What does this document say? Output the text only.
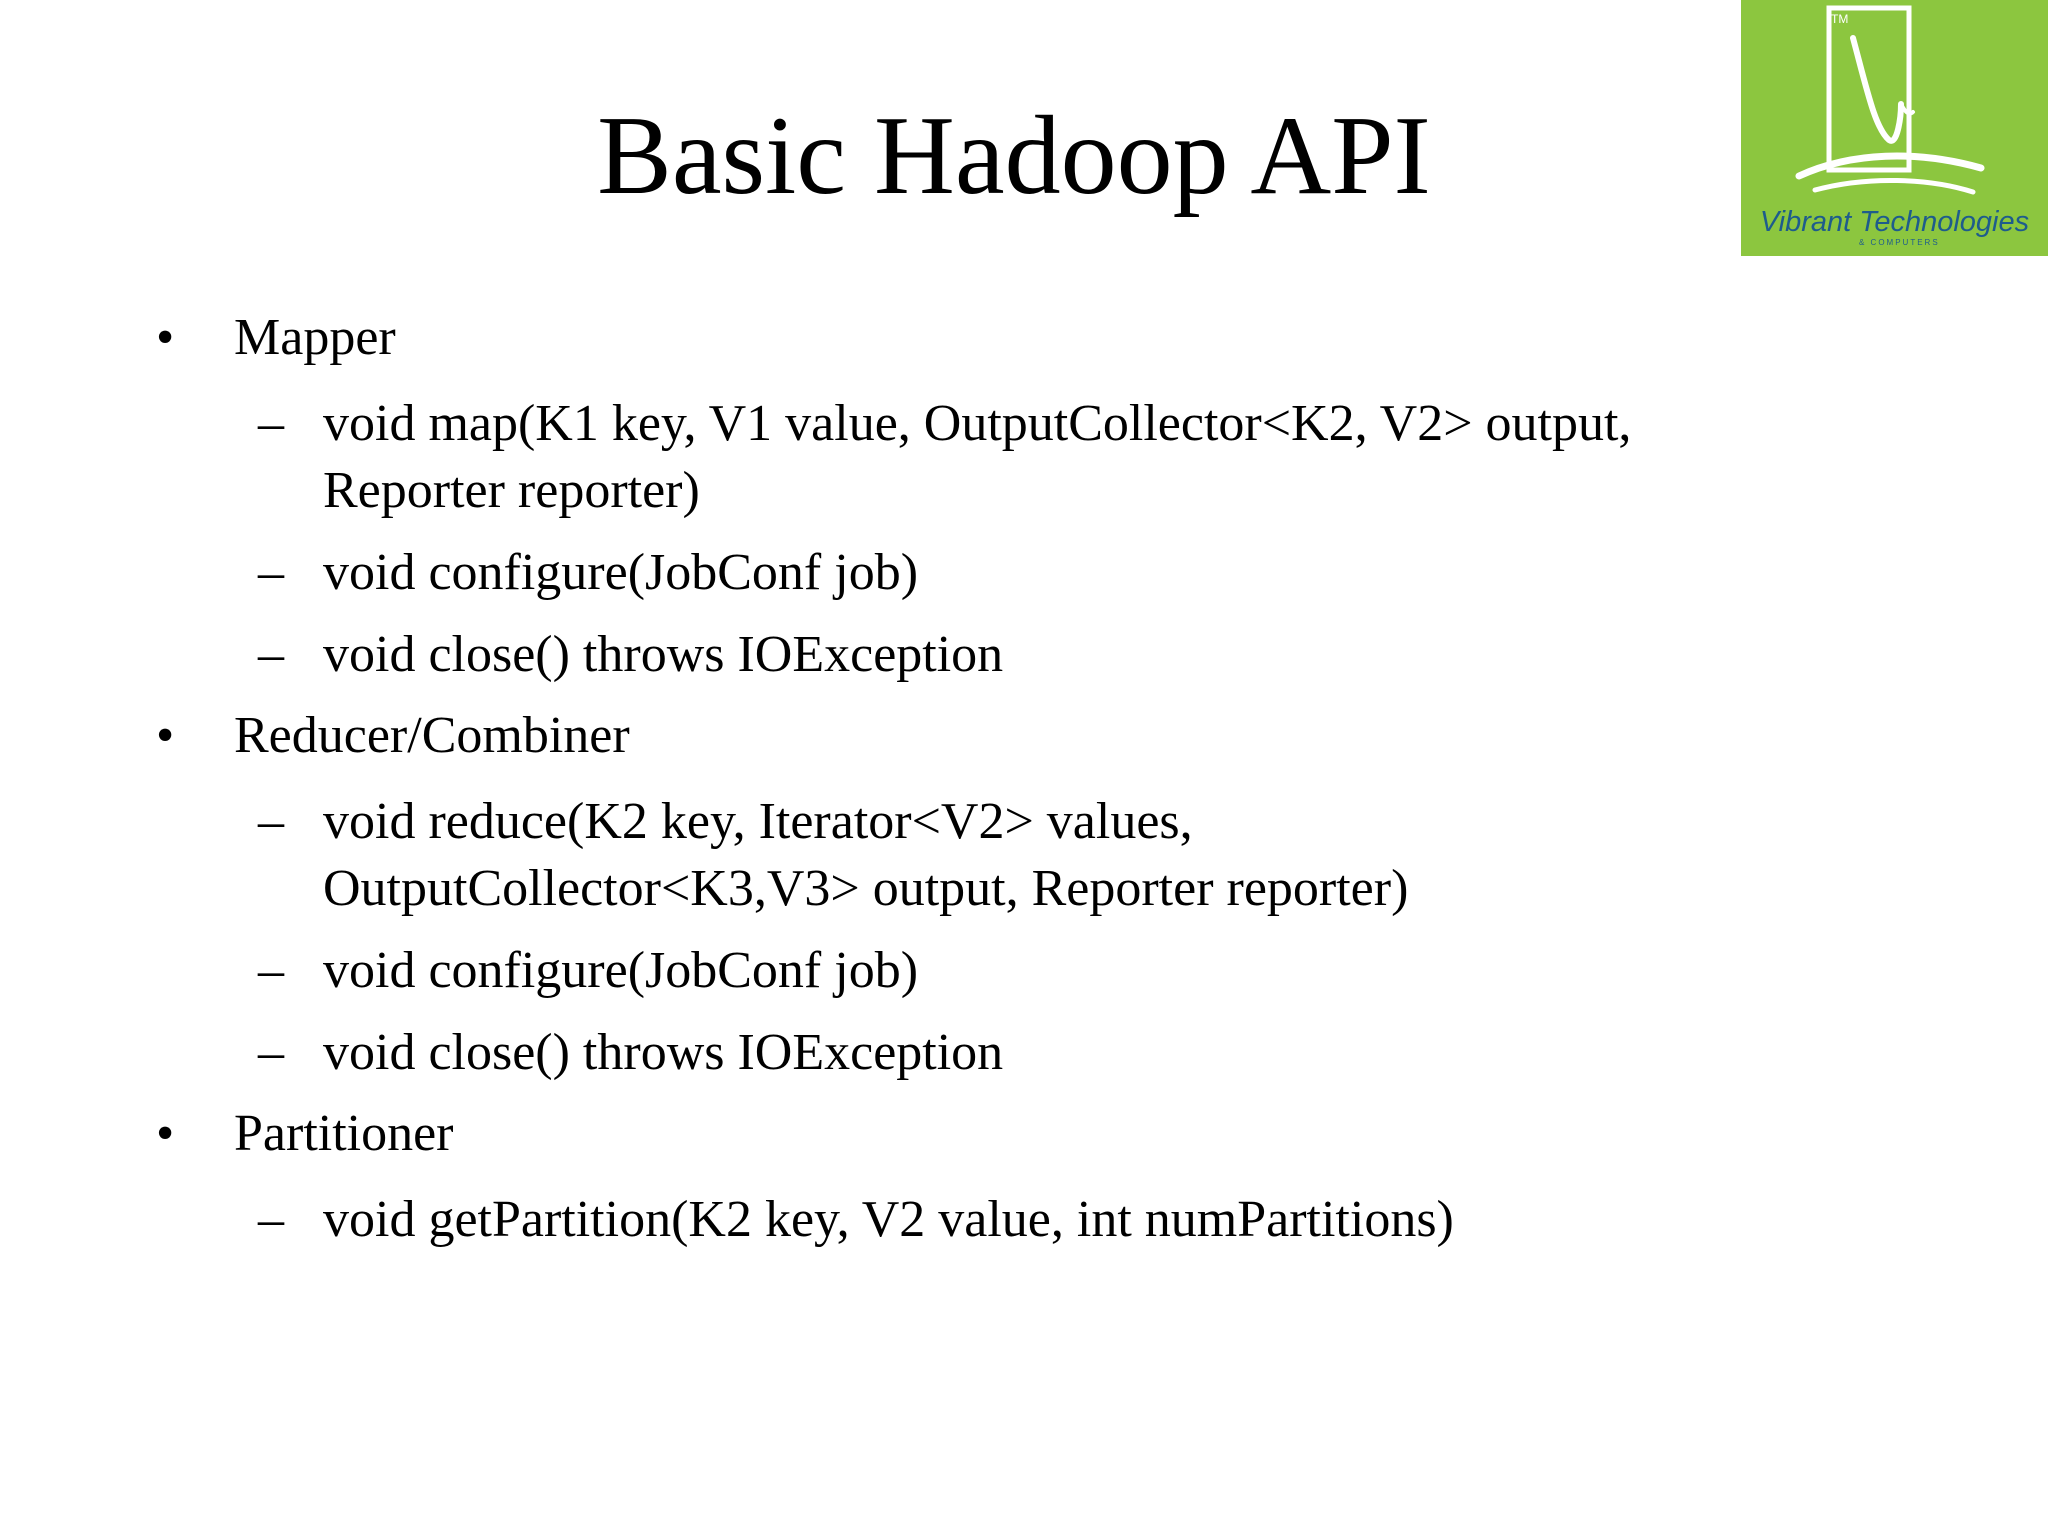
Basic Hadoop API
TM
Vibrant Technologies
& COMPUTERS
• Mapper
– void map(K1 key, V1 value, OutputCollector<K2, V2> output,
Reporter reporter)
– void configure(JobConf job)
– void close() throws IOException
• Reducer/Combiner
– void reduce(K2 key, Iterator<V2> values,
OutputCollector<K3,V3> output, Reporter reporter)
– void configure(JobConf job)
– void close() throws IOException
• Partitioner
– void getPartition(K2 key, V2 value, int numPartitions)
